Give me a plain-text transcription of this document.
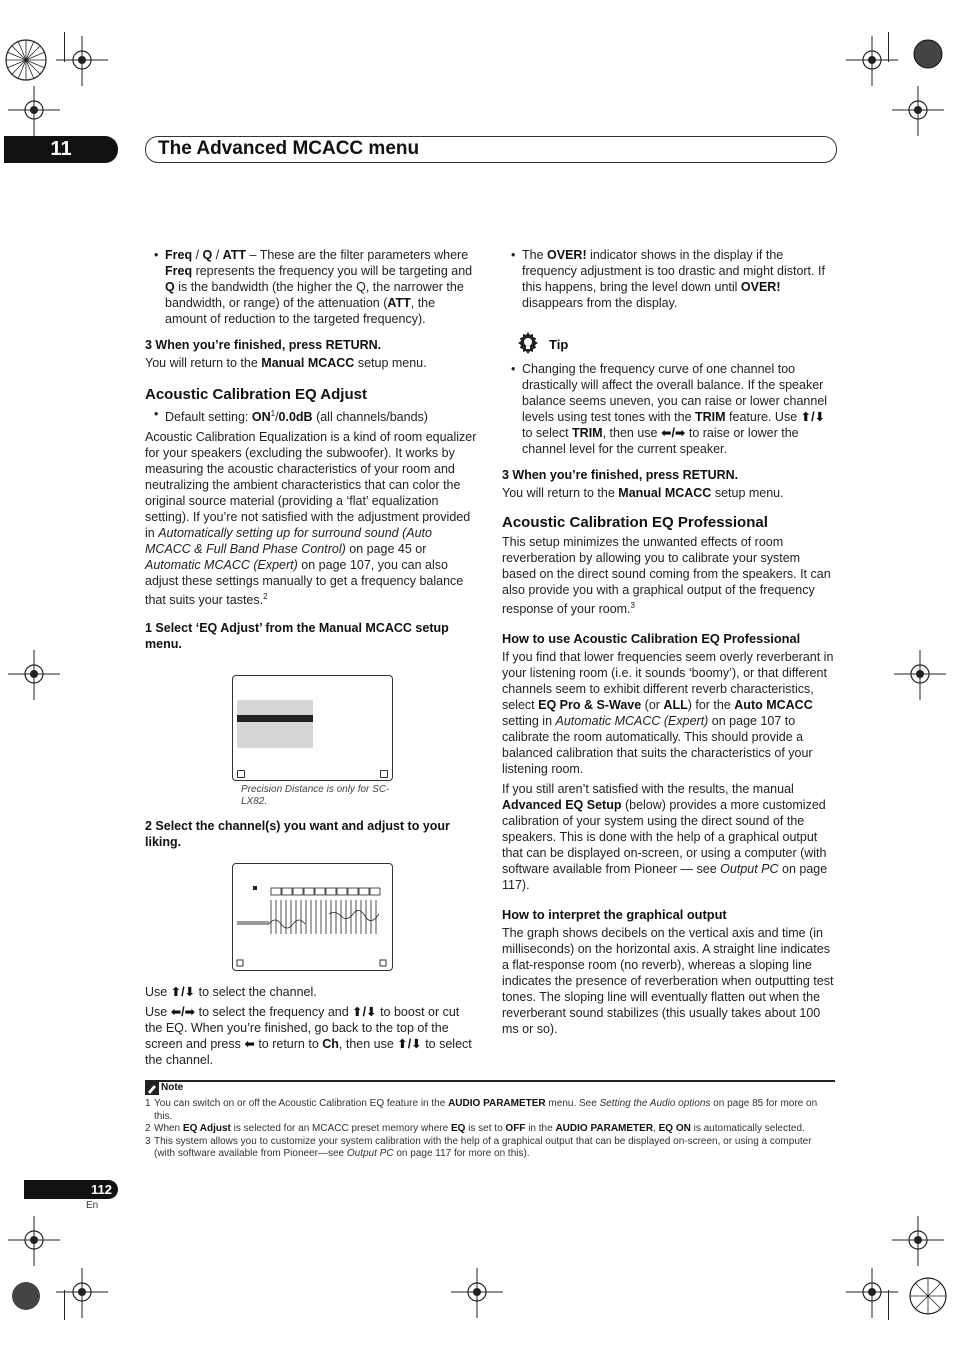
11	The Advanced MCACC menu
• Freq / Q / ATT – These are the filter parameters where Freq represents the frequency you will be targeting and Q is the bandwidth (the higher the Q, the narrower the bandwidth, or range) of the attenuation (ATT, the amount of reduction to the targeted frequency).
3 When you’re finished, press RETURN.

You will return to the Manual MCACC setup menu.

Acoustic Calibration EQ Adjust
• Default setting: $ON^1/0.0dB$ (all channels/bands)

Acoustic Calibration Equalization is a kind of room equalizer for your speakers (excluding the subwoofer). It works by measuring the acoustic characteristics of your room and neutralizing the ambient characteristics that can color the original source material (providing a ‘flat’ equalization setting). If you’re not satisfied with the adjustment provided in Automatically setting up for surround sound (Auto MCACC & Full Band Phase Control) on page 45 or Automatic MCACC (Expert) on page 107, you can also adjust these settings manually to get a frequency balance that suits your tastes.$^2$

1 Select ‘EQ Adjust’ from the Manual MCACC setup menu.
Precision Distance is only for SC-LX82.
2 Select the channel(s) you want and adjust to your liking.

Use ⬆/⬇ to select the channel.

Use ⬅/➡ to select the frequency and ⬆/⬇ to boost or cut the EQ. When you’re finished, go back to the top of the screen and press ⬅ to return to Ch, then use ⬆/⬇ to select the channel.

• The OVER! indicator shows in the display if the frequency adjustment is too drastic and might distort. If this happens, bring the level down until OVER! disappears from the display.
Tip
• Changing the frequency curve of one channel too drastically will affect the overall balance. If the speaker balance seems uneven, you can raise or lower channel levels using test tones with the TRIM feature. Use ⬆/⬇ to select TRIM, then use ⬅/➡ to raise or lower the channel level for the current speaker.
3 When you’re finished, press RETURN.

You will return to the Manual MCACC setup menu.

Acoustic Calibration EQ Professional

This setup minimizes the unwanted effects of room reverberation by allowing you to calibrate your system based on the direct sound coming from the speakers. It can also provide you with a graphical output of the frequency response of your room.$^3$

How to use Acoustic Calibration EQ Professional

If you find that lower frequencies seem overly reverberant in your listening room (i.e. it sounds ‘boomy’), or that different channels seem to exhibit different reverb characteristics, select EQ Pro & S-Wave (or ALL) for the Auto MCACC setting in Automatic MCACC (Expert) on page 107 to calibrate the room automatically. This should provide a balanced calibration that suits the characteristics of your listening room.

If you still aren’t satisfied with the results, the manual Advanced EQ Setup (below) provides a more customized calibration of your system using the direct sound of the speakers. This is done with the help of a graphical output that can be displayed on-screen, or using a computer (with software available from Pioneer — see Output PC on page 117).

How to interpret the graphical output

The graph shows decibels on the vertical axis and time (in milliseconds) on the horizontal axis. A straight line indicates a flat-response room (no reverb), whereas a sloping line indicates the presence of reverberation when outputting test tones. The sloping line will eventually flatten out when the reverberant sound stabilizes (this usually takes about 100 ms or so).

Note
1 You can switch on or off the Acoustic Calibration EQ feature in the AUDIO PARAMETER menu. See Setting the Audio options on page 85 for more on this.
2 When EQ Adjust is selected for an MCACC preset memory where EQ is set to OFF in the AUDIO PARAMETER, EQ ON is automatically selected.
3 This system allows you to customize your system calibration with the help of a graphical output that can be displayed on-screen, or using a computer (with software available from Pioneer—see Output PC on page 117 for more on this).
112
En
